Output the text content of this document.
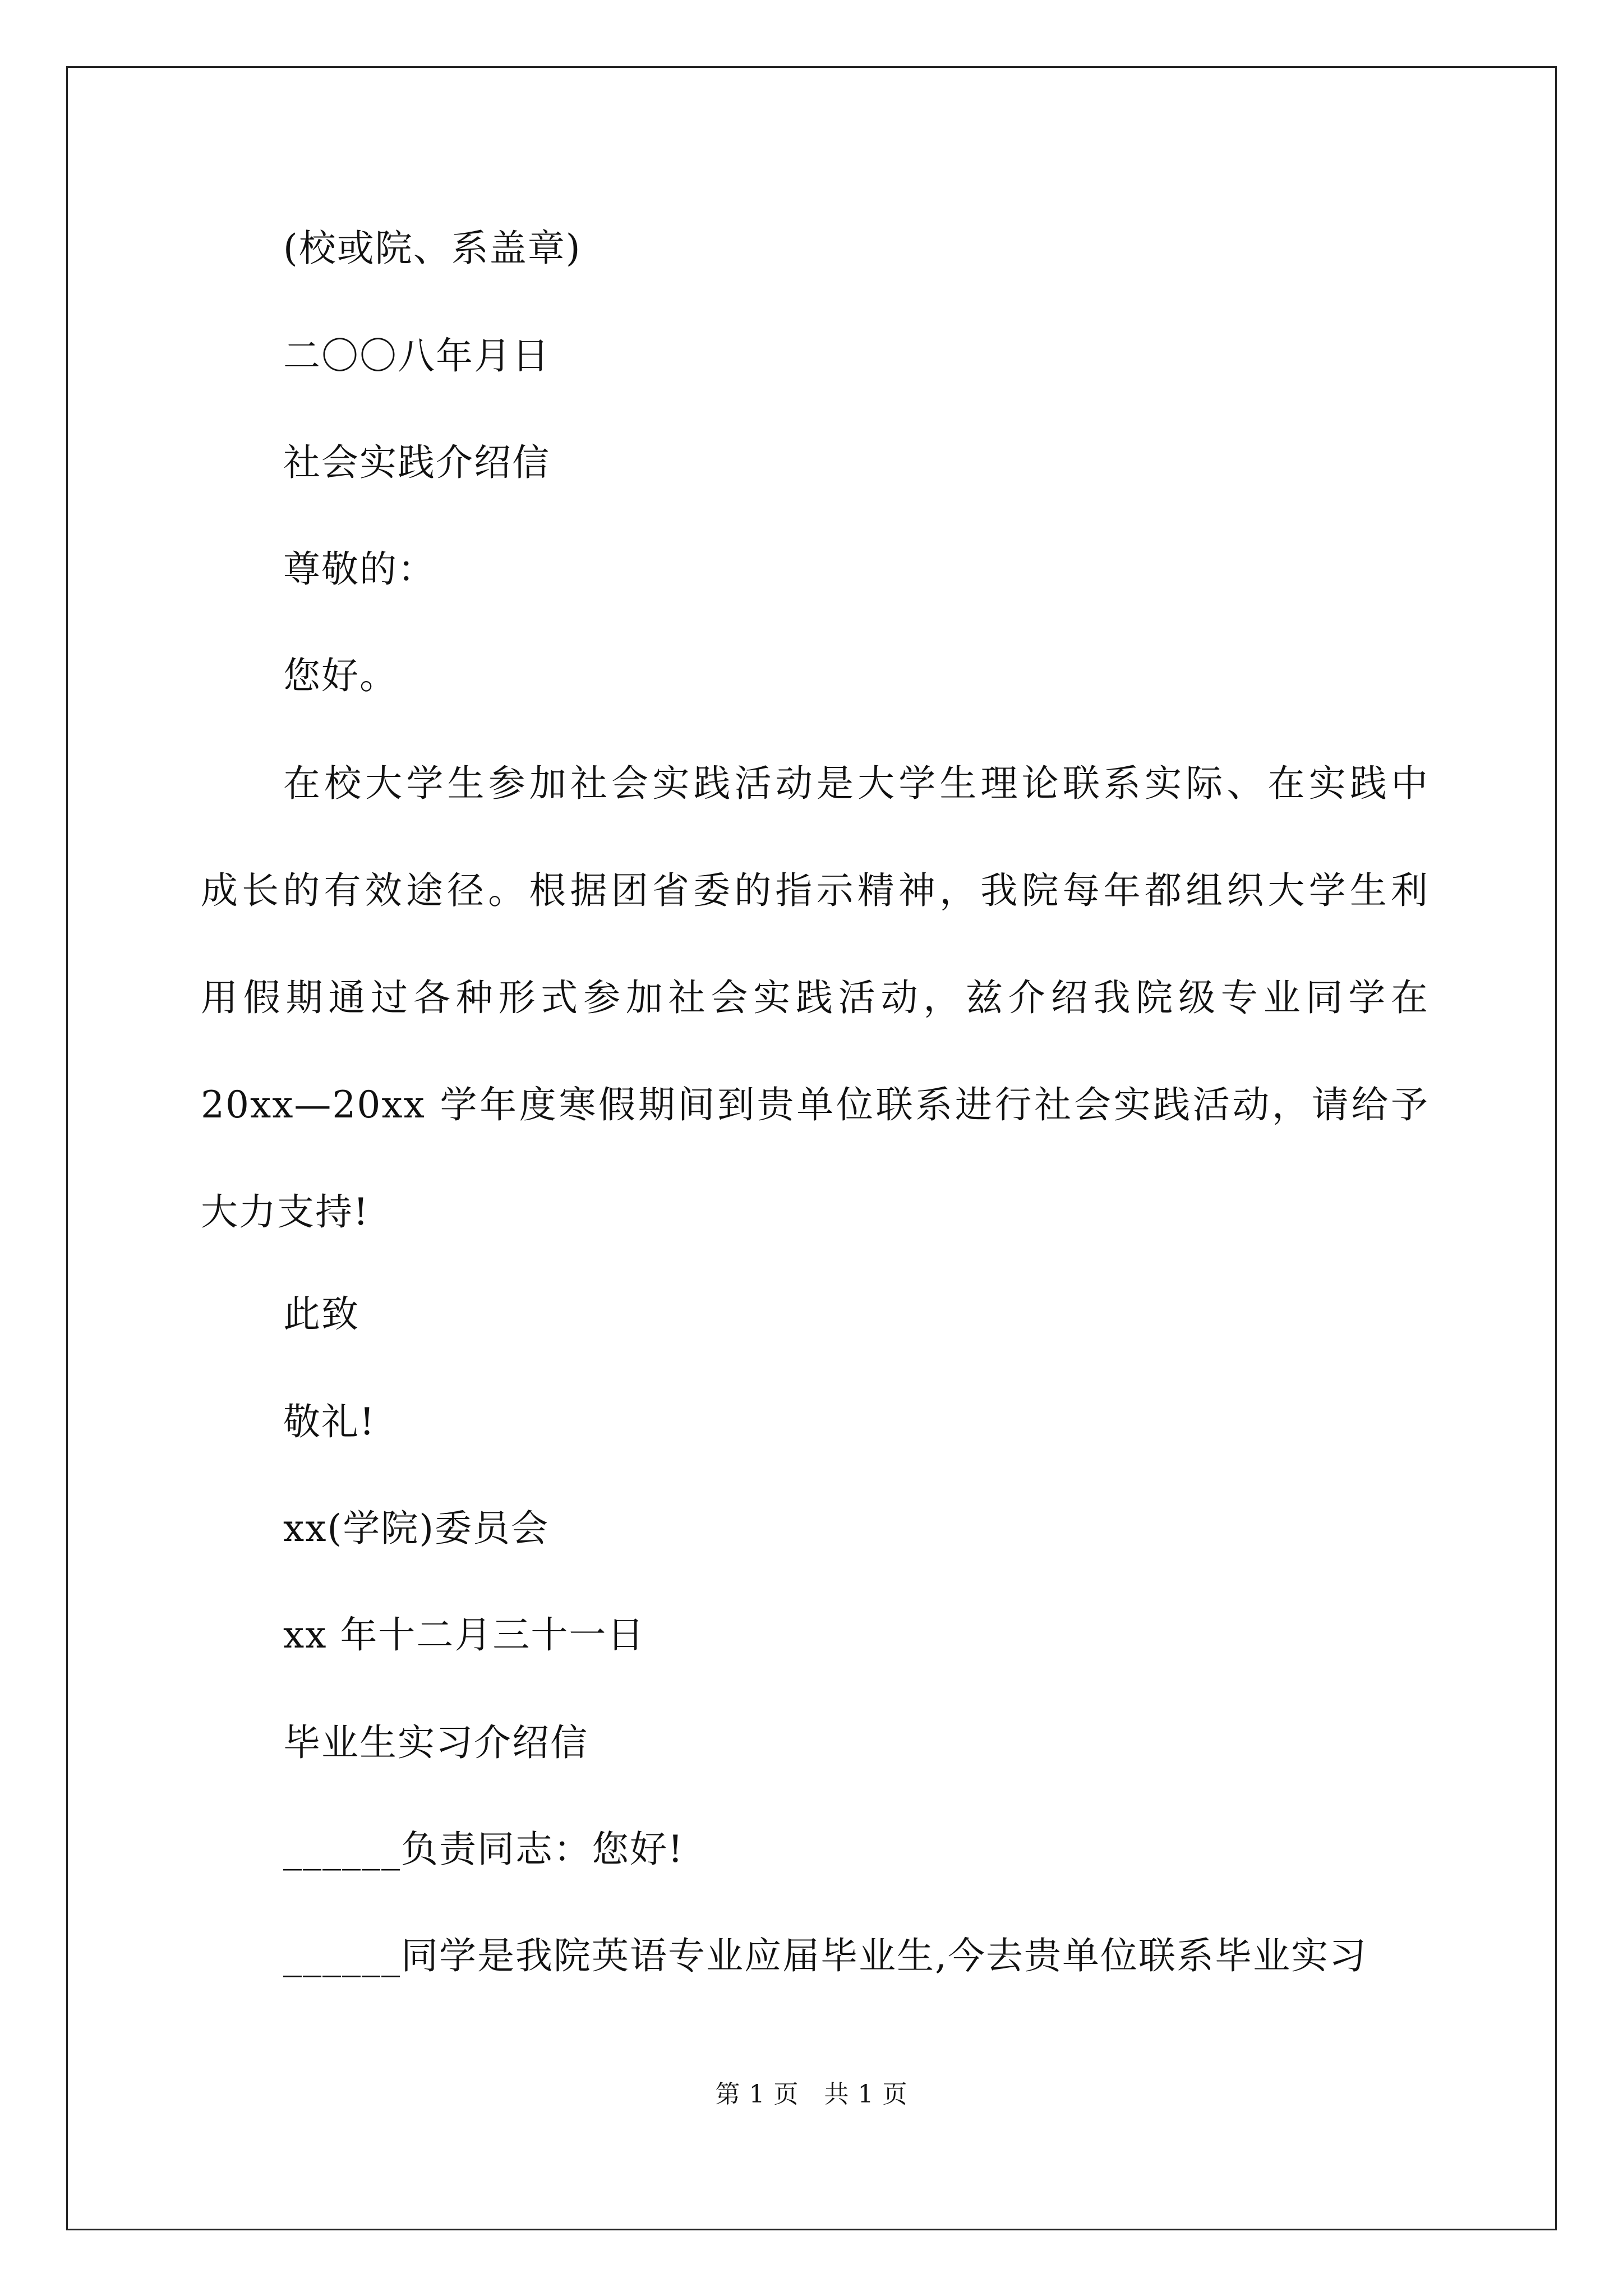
(校或院、系盖章)

二〇〇八年月日

社会实践介绍信

尊敬的：

您好。

在校大学生参加社会实践活动是大学生理论联系实际、在实践中
成长的有效途径。根据团省委的指示精神，我院每年都组织大学生利
用假期通过各种形式参加社会实践活动，兹介绍我院级专业同学在
20xx—20xx 学年度寒假期间到贵单位联系进行社会实践活动，请给予
大力支持!

此致

敬礼!

xx(学院)委员会

xx 年十二月三十一日

毕业生实习介绍信

______负责同志：您好!

______同学是我院英语专业应届毕业生,今去贵单位联系毕业实习

第 1 页   共 1 页
